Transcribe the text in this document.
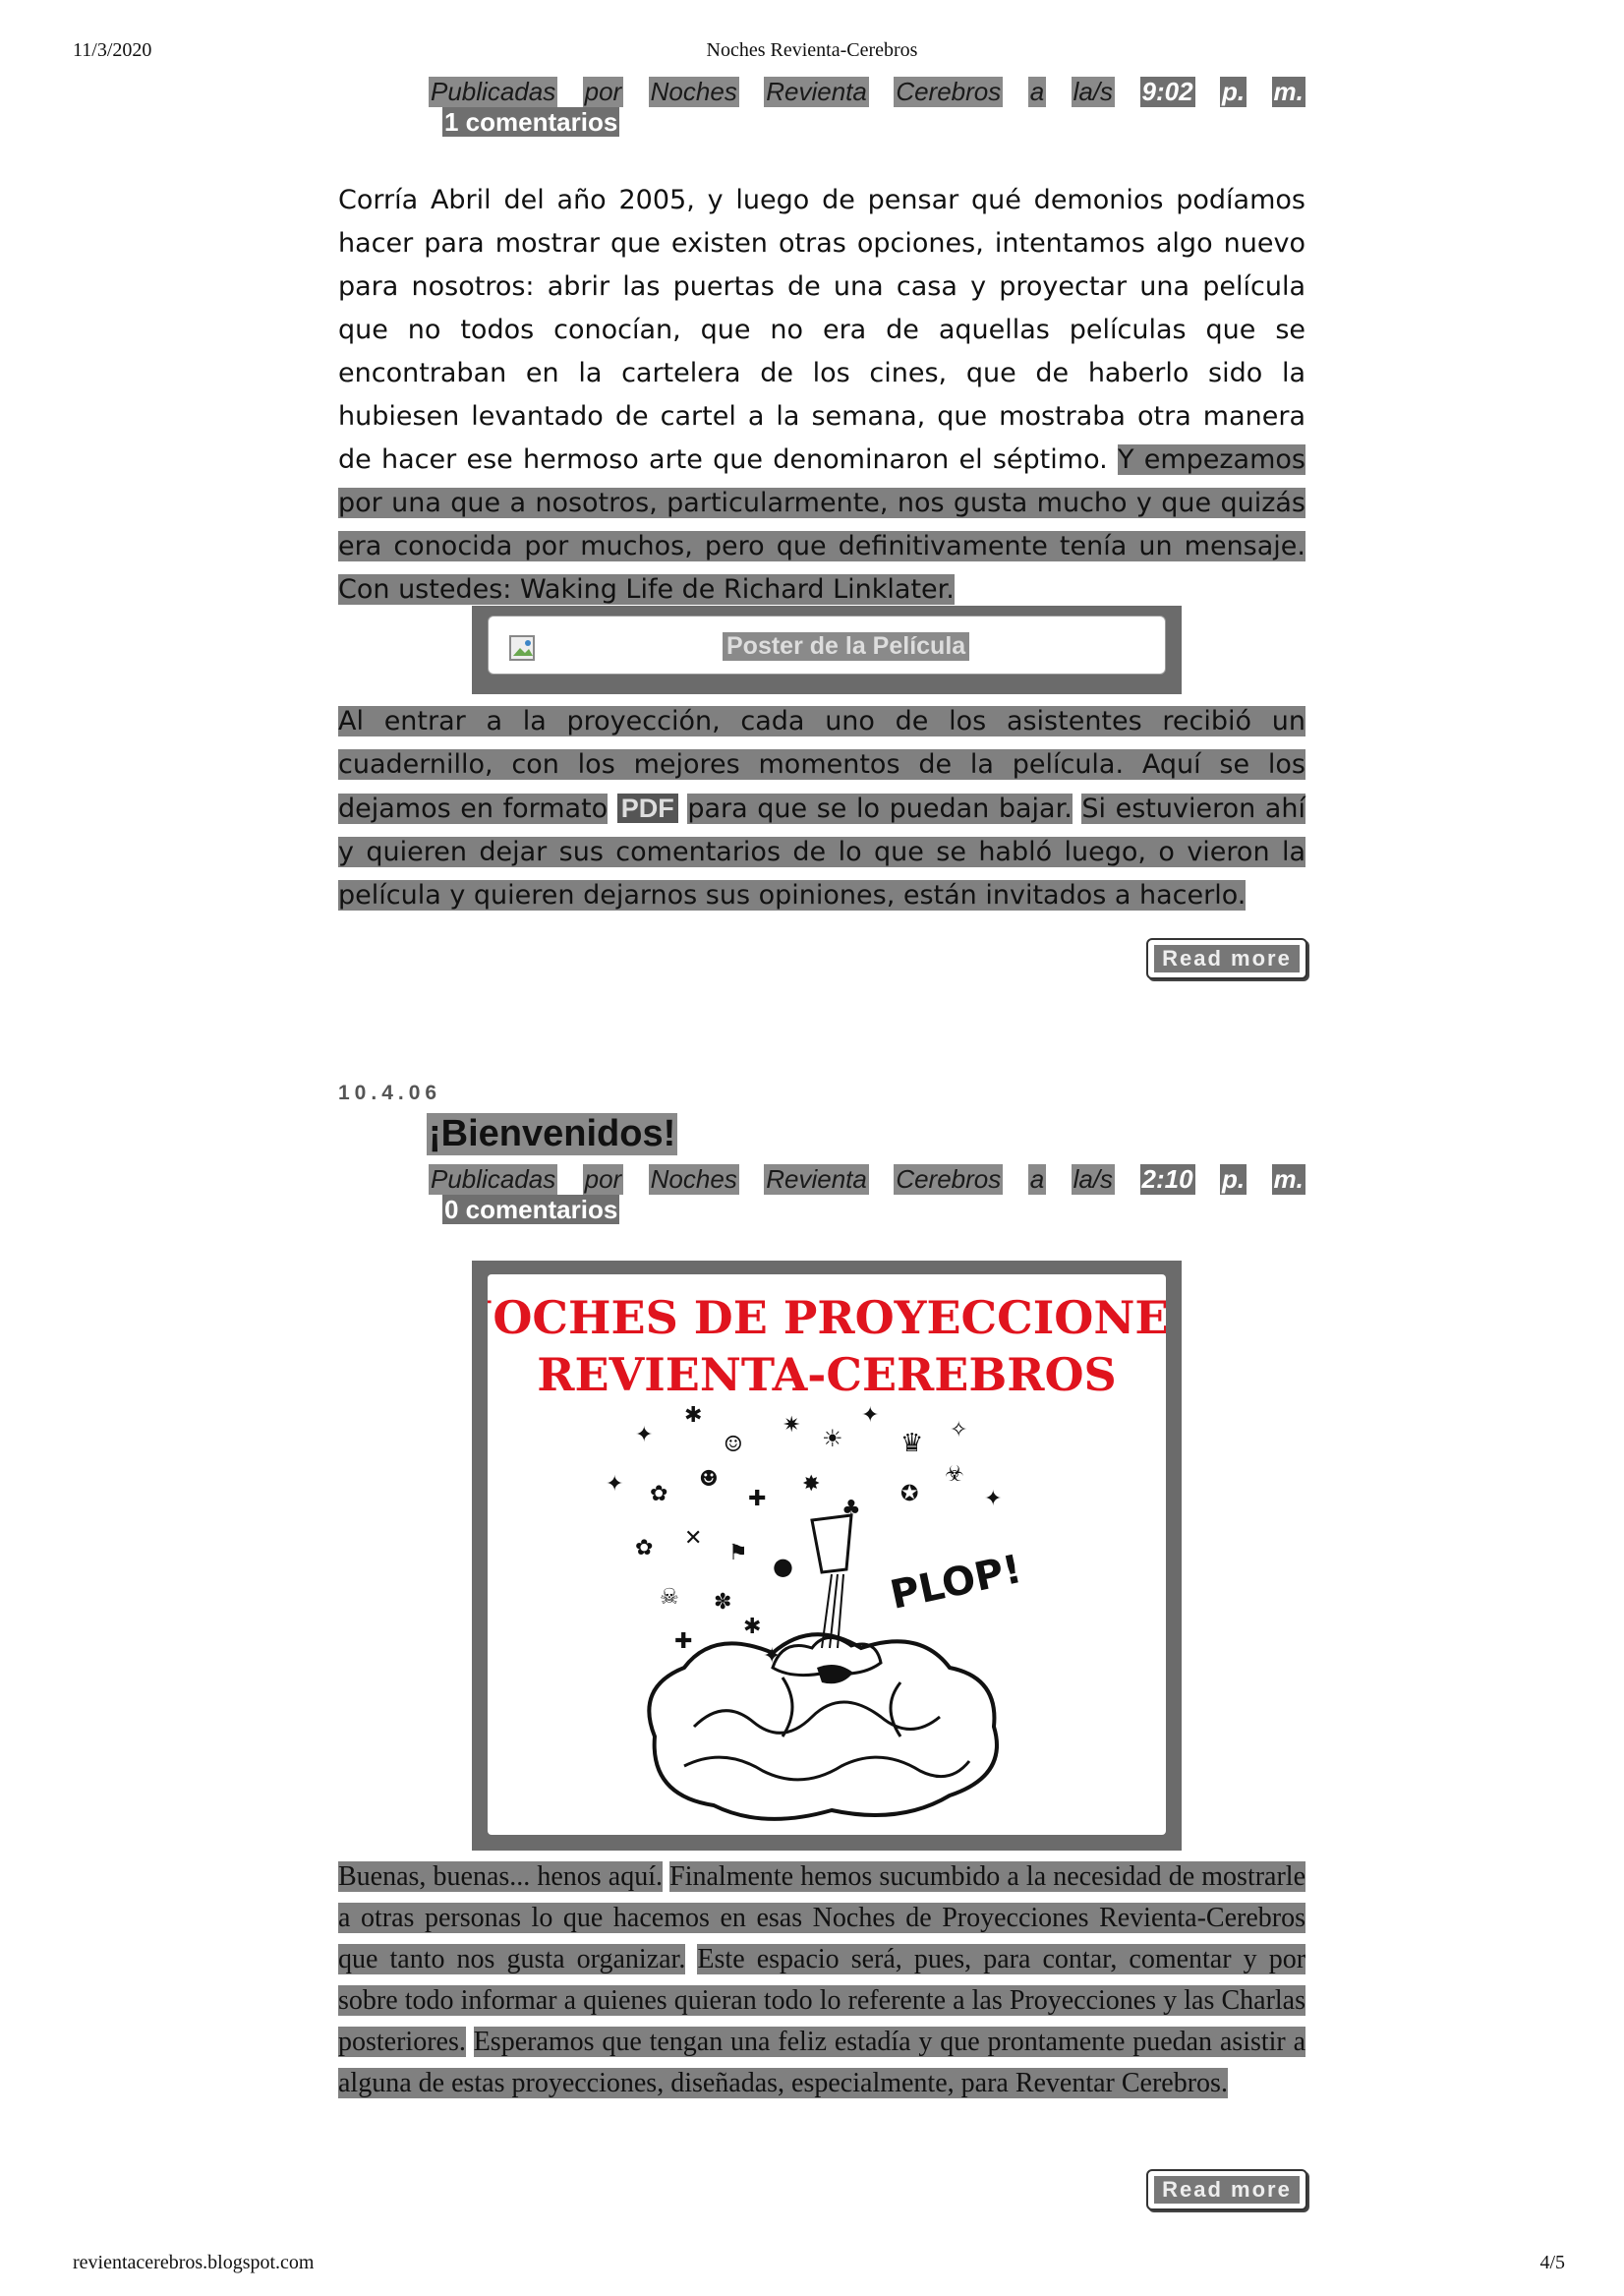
11/3/2020	Noches Revienta-Cerebros
Publicadas por Noches Revienta Cerebros a la/s 9:02 p. m.
1 comentarios
Corría Abril del año 2005, y luego de pensar qué demonios podíamos hacer para mostrar que existen otras opciones, intentamos algo nuevo para nosotros: abrir las puertas de una casa y proyectar una película que no todos conocían, que no era de aquellas películas que se encontraban en la cartelera de los cines, que de haberlo sido la hubiesen levantado de cartel a la semana, que mostraba otra manera de hacer ese hermoso arte que denominaron el séptimo. Y empezamos por una que a nosotros, particularmente, nos gusta mucho y que quizás era conocida por muchos, pero que definitivamente tenía un mensaje. Con ustedes: Waking Life de Richard Linklater.
Poster de la Película
Al entrar a la proyección, cada uno de los asistentes recibió un cuadernillo, con los mejores momentos de la película. Aquí se los dejamos en formato PDF para que se lo puedan bajar. Si estuvieron ahí y quieren dejar sus comentarios de lo que se habló luego, o vieron la película y quieren dejarnos sus opiniones, están invitados a hacerlo.
Read more
10.4.06
¡Bienvenidos!
Publicadas por Noches Revienta Cerebros a la/s 2:10 p. m.
0 comentarios
NOCHES DE PROYECCIONES
REVIENTA-CEREBROS
✦
✱
☺
✷ ☀
✦
♛ ✧
✦ ✿
☻
✚
✸
♣
✪
☣
✦
✿ ✕
⚑ ●
☠ ✽
✱
✦
✚
PLOP!
Buenas, buenas... henos aquí. Finalmente hemos sucumbido a la necesidad de mostrarle a otras personas lo que hacemos en esas Noches de Proyecciones Revienta-Cerebros que tanto nos gusta organizar. Este espacio será, pues, para contar, comentar y por sobre todo informar a quienes quieran todo lo referente a las Proyecciones y las Charlas posteriores. Esperamos que tengan una feliz estadía y que prontamente puedan asistir a alguna de estas proyecciones, diseñadas, especialmente, para Reventar Cerebros.
Read more
revientacerebros.blogspot.com	4/5
